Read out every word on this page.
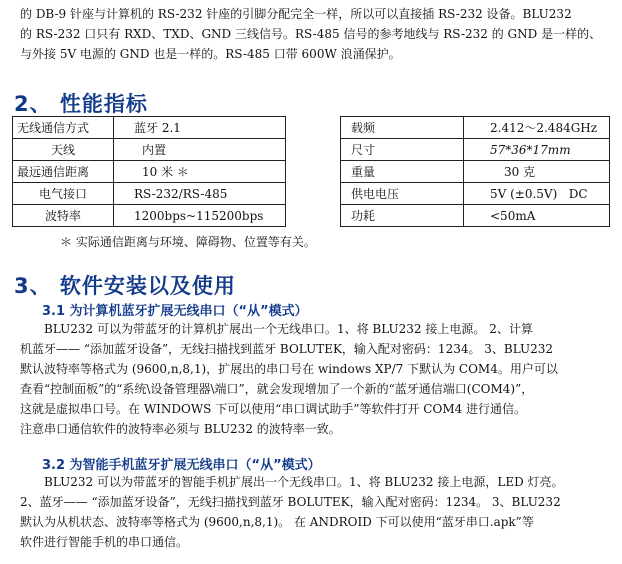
的 DB-9 针座与计算机的 RS-232 针座的引脚分配完全一样，所以可以直接插 RS-232 设备。BLU232
的 RS-232 口只有 RXD、TXD、GND 三线信号。RS-485 信号的参考地线与 RS-232 的 GND 是一样的、
与外接 5V 电源的 GND 也是一样的。RS-485 口带 600W 浪涌保护。
2、 性能指标
无线通信方式	蓝牙 2.1
天线	内置
最远通信距离	10 米 ＊
电气接口	RS-232/RS-485
波特率	1200bps~115200bps
载频	2.412～2.484GHz
尺寸	57*36*17mm
重量	30 克
供电电压	5V (±0.5V)   DC
功耗	<50mA
＊ 实际通信距离与环境、障碍物、位置等有关。
3、 软件安装以及使用
3.1 为计算机蓝牙扩展无线串口（“从”模式）
BLU232 可以为带蓝牙的计算机扩展出一个无线串口。1、将 BLU232 接上电源。 2、计算
机蓝牙—— “添加蓝牙设备”，无线扫描找到蓝牙 BOLUTEK，输入配对密码：1234。 3、BLU232
默认波特率等格式为 (9600,n,8,1)，扩展出的串口号在 windows XP/7 下默认为 COM4。用户可以
查看“控制面板”的“系统\设备管理器\端口”，就会发现增加了一个新的“蓝牙通信端口(COM4)”，
这就是虚拟串口号。在 WINDOWS 下可以使用“串口调试助手”等软件打开 COM4 进行通信。
注意串口通信软件的波特率必须与 BLU232 的波特率一致。
3.2 为智能手机蓝牙扩展无线串口（“从”模式）
BLU232 可以为带蓝牙的智能手机扩展出一个无线串口。1、将 BLU232 接上电源，LED 灯亮。
2、蓝牙—— “添加蓝牙设备”，无线扫描找到蓝牙 BOLUTEK，输入配对密码：1234。 3、BLU232
默认为从机状态、波特率等格式为 (9600,n,8,1)。 在 ANDROID 下可以使用“蓝牙串口.apk”等
软件进行智能手机的串口通信。
